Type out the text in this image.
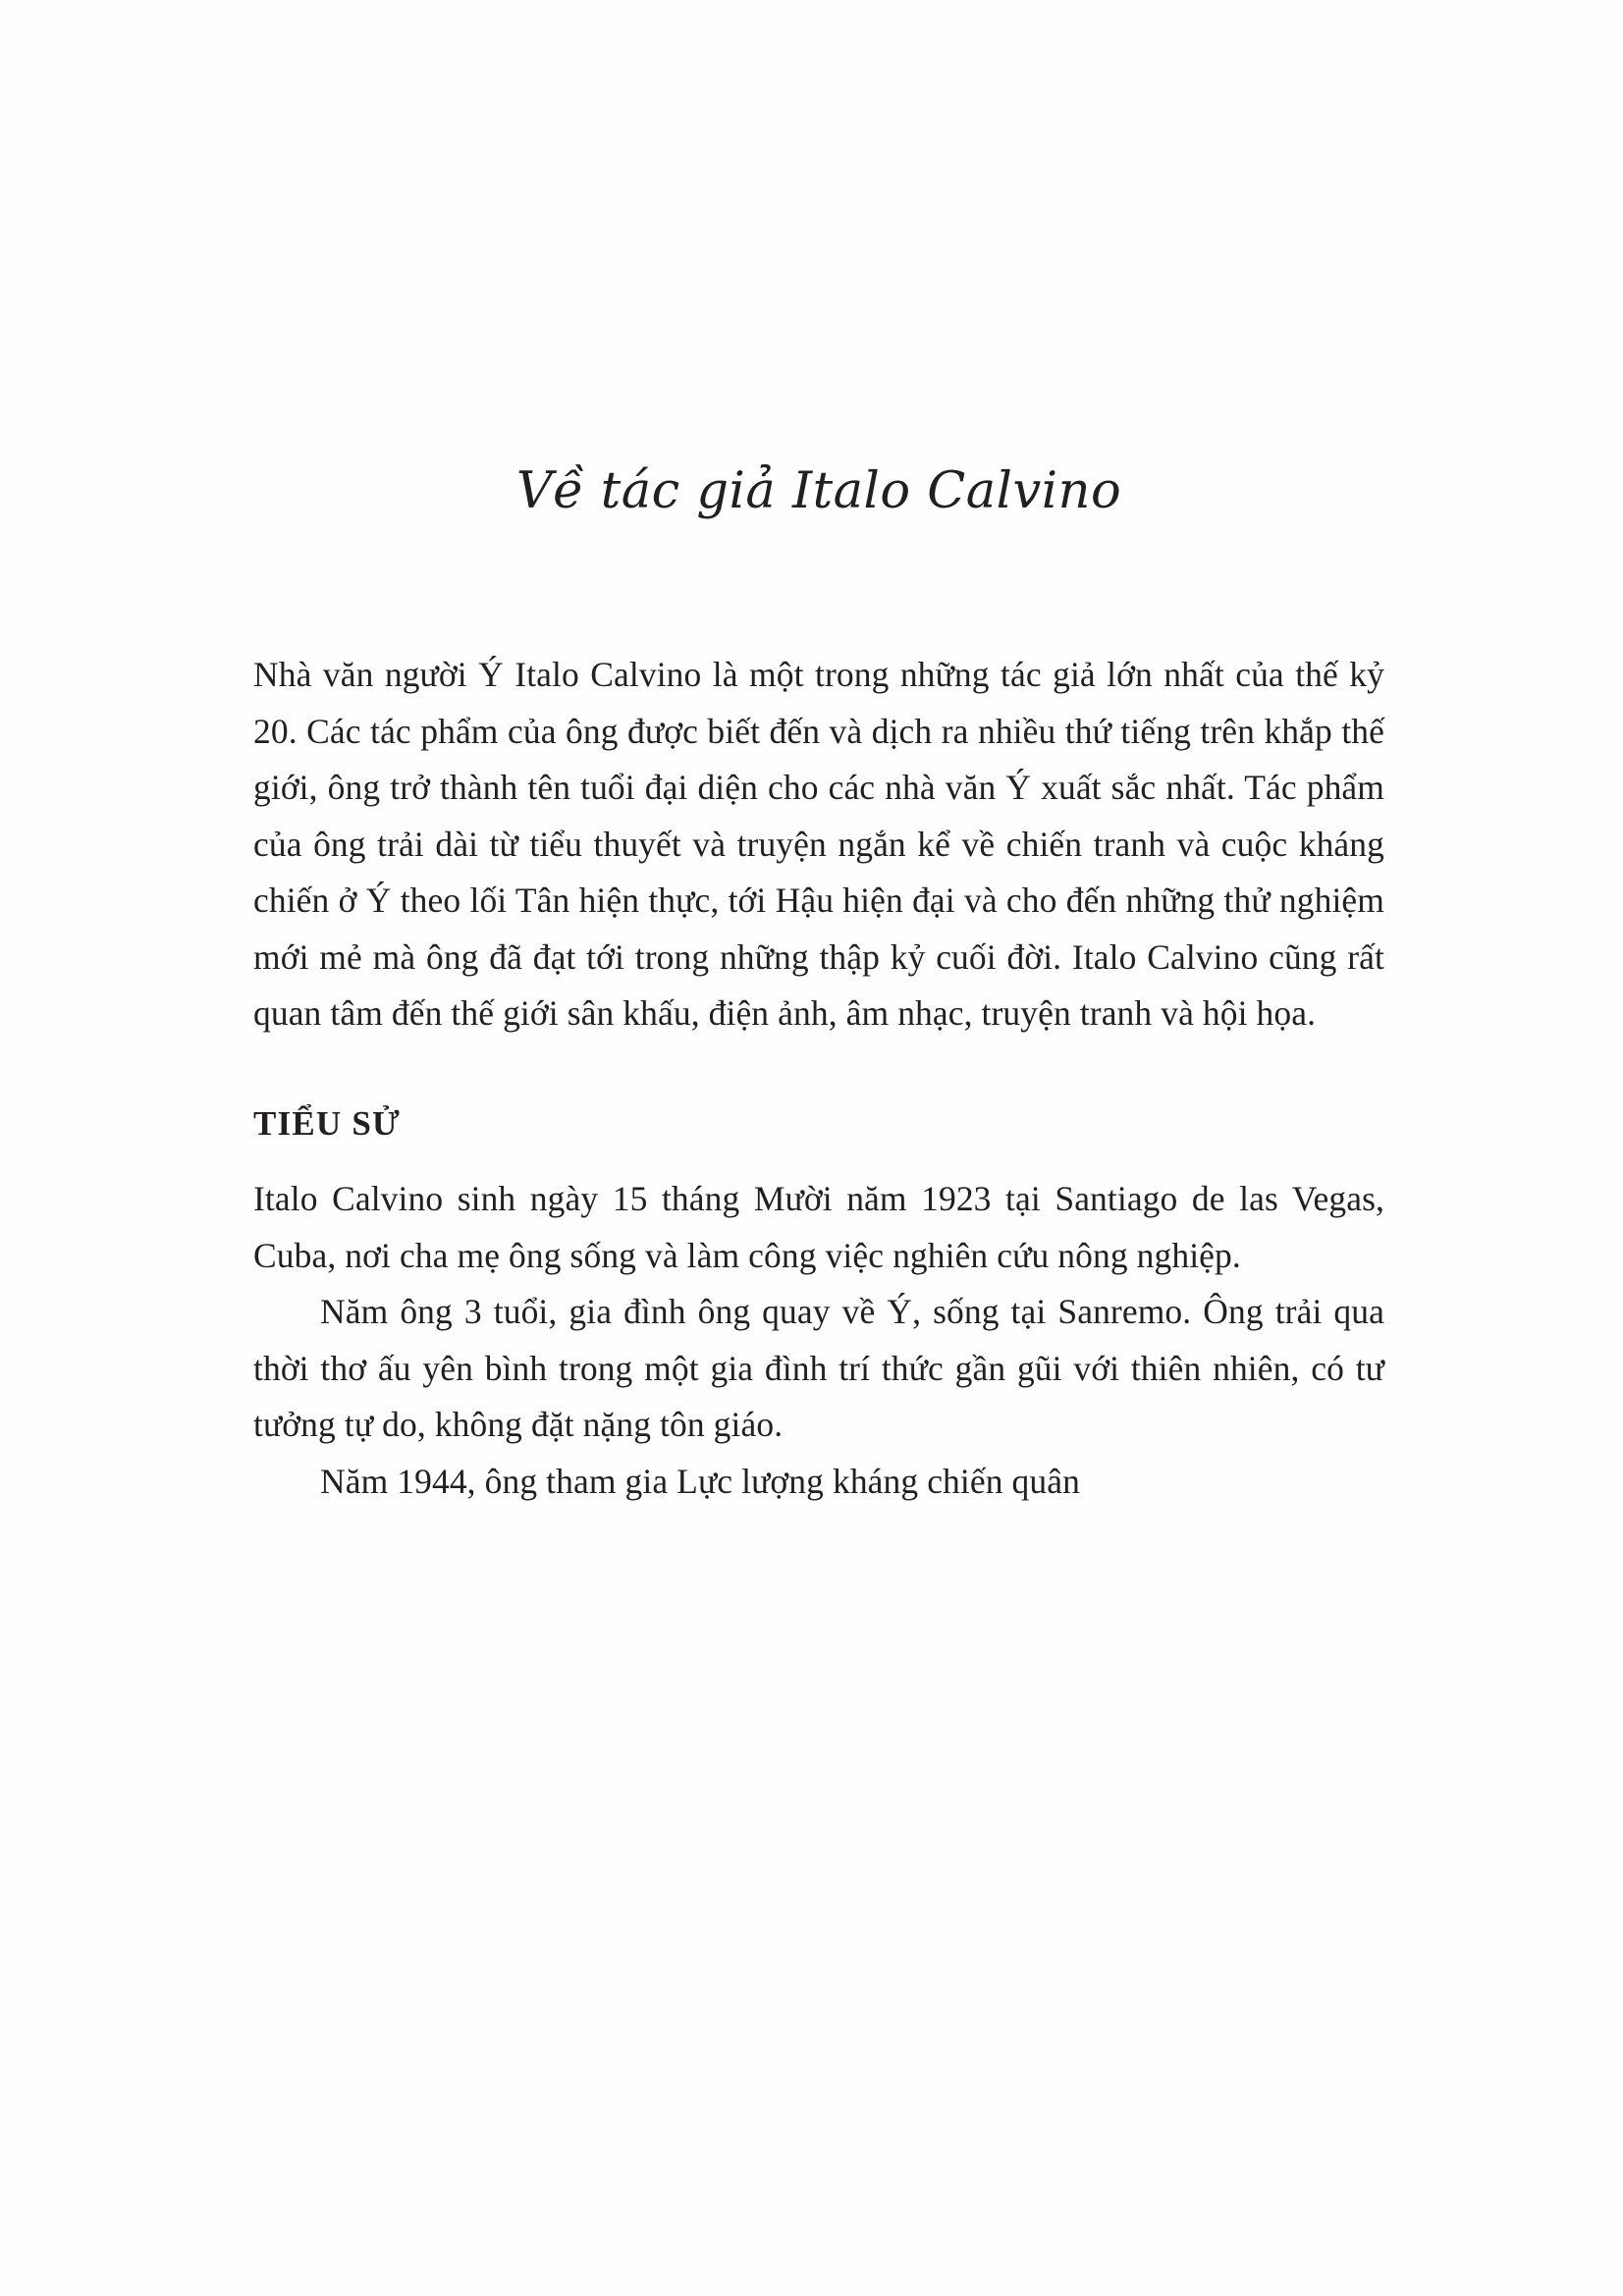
Về tác giả Italo Calvino

Nhà văn người Ý Italo Calvino là một trong những tác giả lớn nhất của thế kỷ 20. Các tác phẩm của ông được biết đến và dịch ra nhiều thứ tiếng trên khắp thế giới, ông trở thành tên tuổi đại diện cho các nhà văn Ý xuất sắc nhất. Tác phẩm của ông trải dài từ tiểu thuyết và truyện ngắn kể về chiến tranh và cuộc kháng chiến ở Ý theo lối Tân hiện thực, tới Hậu hiện đại và cho đến những thử nghiệm mới mẻ mà ông đã đạt tới trong những thập kỷ cuối đời. Italo Calvino cũng rất quan tâm đến thế giới sân khấu, điện ảnh, âm nhạc, truyện tranh và hội họa.

TIỂU SỬ

Italo Calvino sinh ngày 15 tháng Mười năm 1923 tại Santiago de las Vegas, Cuba, nơi cha mẹ ông sống và làm công việc nghiên cứu nông nghiệp.

Năm ông 3 tuổi, gia đình ông quay về Ý, sống tại Sanremo. Ông trải qua thời thơ ấu yên bình trong một gia đình trí thức gần gũi với thiên nhiên, có tư tưởng tự do, không đặt nặng tôn giáo.

Năm 1944, ông tham gia Lực lượng kháng chiến quân
